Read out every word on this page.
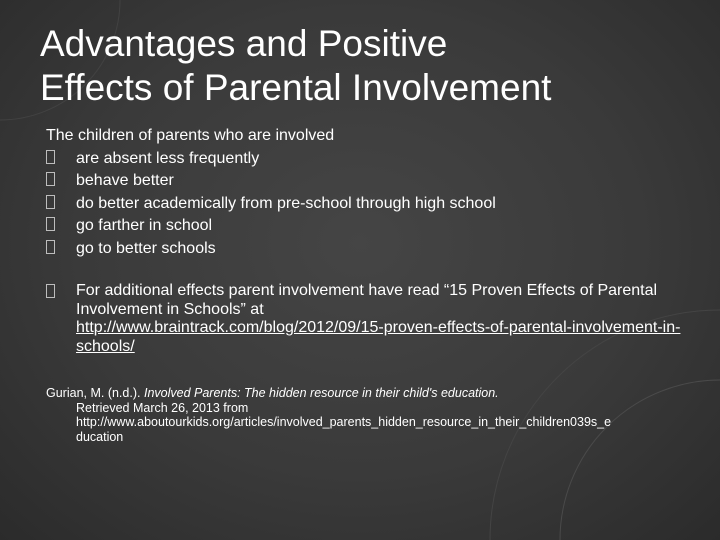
Advantages and Positive
Effects of Parental Involvement
The children of parents who are involved
are absent less frequently
behave better
do better academically from pre-school through high school
go farther in school
go to better schools
For additional effects parent involvement have read “15 Proven Effects of Parental Involvement in Schools” at
http://www.braintrack.com/blog/2012/09/15-proven-effects-of-parental-involvement-in-schools/
Gurian, M. (n.d.). Involved Parents: The hidden resource in their child's education.
Retrieved March 26, 2013 from
http://www.aboutourkids.org/articles/involved_parents_hidden_resource_in_their_children039s_education
